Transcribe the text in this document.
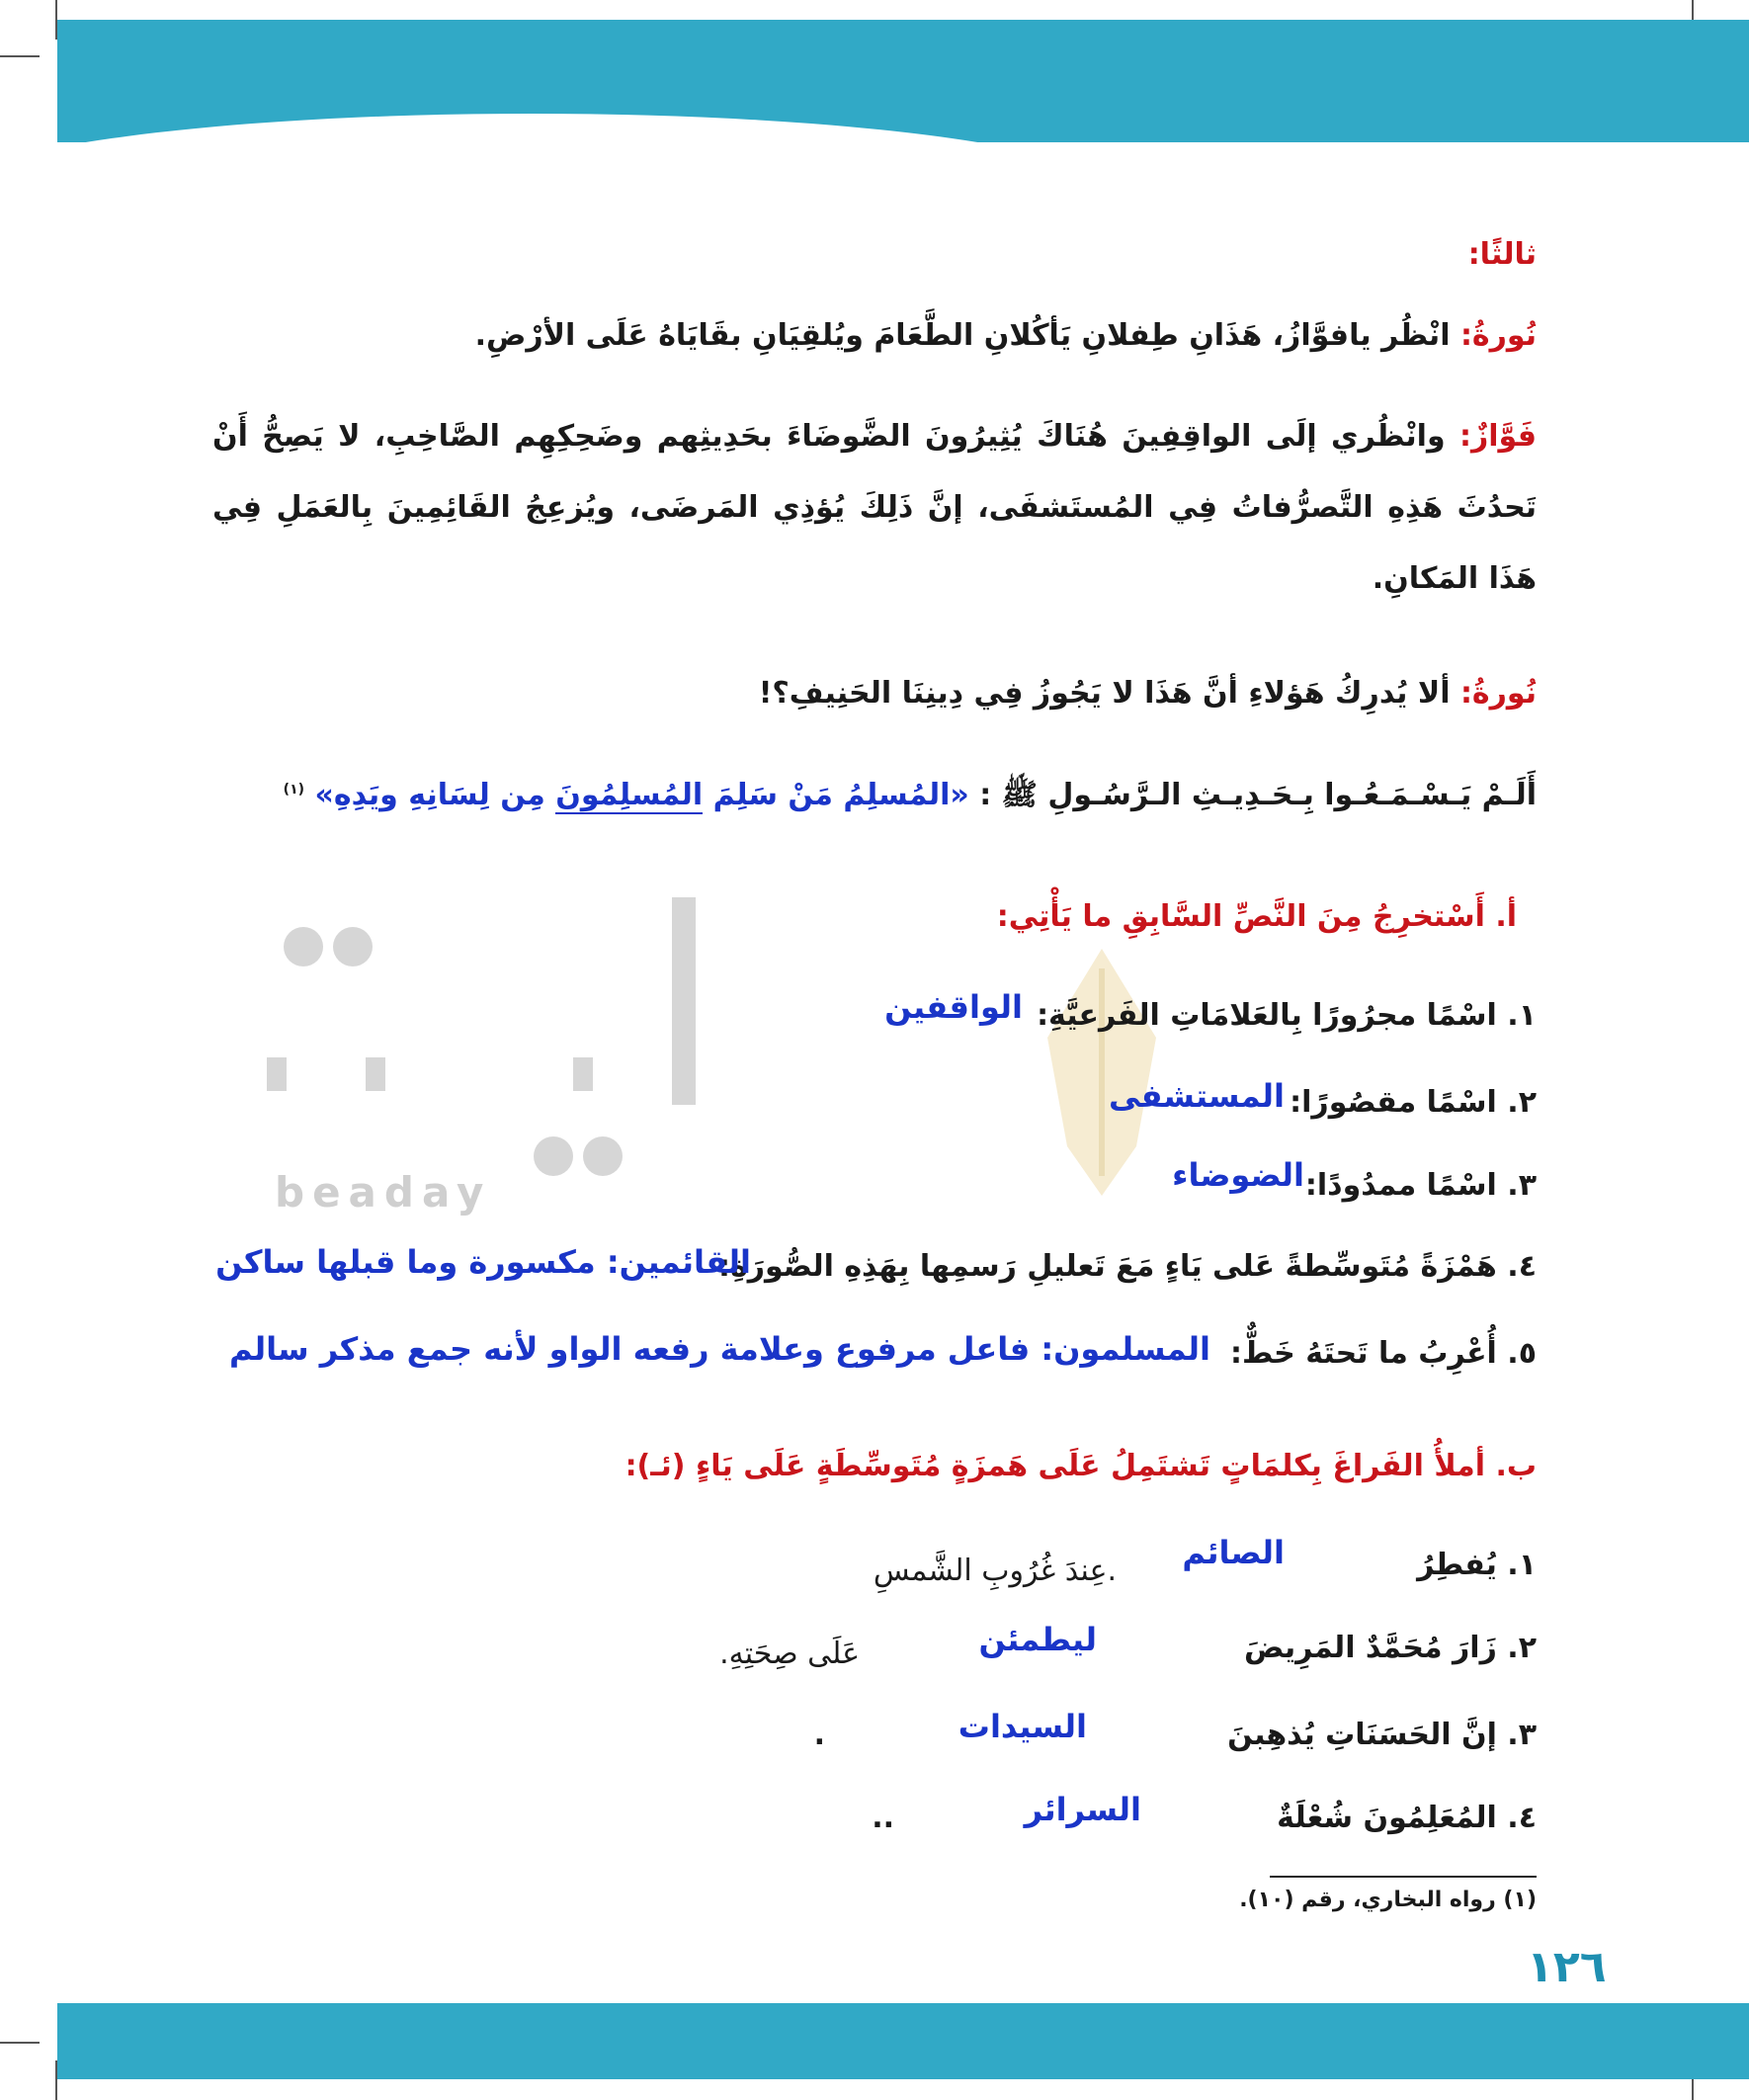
beaday
ثالثًا:
نُورةُ: انْظُر يافوَّازُ، هَذَانِ طِفلانِ يَأكُلانِ الطَّعَامَ ويُلقِيَانِ بقَايَاهُ عَلَى الأرْضِ.
فَوَّازٌ: وانْظُري إلَى الواقِفِينَ هُنَاكَ يُثِيرُونَ الضَّوضَاءَ بحَدِيثِهم وضَحِكِهِم الصَّاخِبِ، لا يَصِحُّ أَنْ تَحدُثَ هَذِهِ التَّصرُّفاتُ فِي المُستَشفَى، إنَّ ذَلِكَ يُؤذِي المَرضَى، ويُزعِجُ القَائِمِينَ بِالعَمَلِ فِي هَذَا المَكانِ.
نُورةُ: ألا يُدرِكُ هَؤلاءِ أنَّ هَذَا لا يَجُوزُ فِي دِينِنَا الحَنِيفِ؟!
أَلَـمْ يَـسْـمَـعُـوا بِـحَـدِيـثِ الـرَّسُـولِ ﷺ : «المُسلِمُ مَنْ سَلِمَ المُسلِمُونَ مِن لِسَانِهِ ويَدِهِ» $^{(١)}$
أ. أَسْتخرِجُ مِنَ النَّصِّ السَّابِقِ ما يَأْتِي:
١. اسْمًا مجرُورًا بِالعَلامَاتِ الفَرعيَّةِ:
الواقفين
٢. اسْمًا مقصُورًا:
المستشفى
٣. اسْمًا ممدُودًا:
الضوضاء
٤. هَمْزَةً مُتَوسِّطةً عَلى يَاءٍ مَعَ تَعليلِ رَسمِها بِهَذِهِ الصُّورَةِ:
القائمين: مكسورة وما قبلها ساكن
٥. أُعْرِبُ ما تَحتَهُ خَطٌّ:
المسلمون: فاعل مرفوع وعلامة رفعه الواو لأنه جمع مذكر سالم
ب. أملأُ الفَراغَ بِكلمَاتٍ تَشتَمِلُ عَلَى هَمزَةٍ مُتَوسِّطَةٍ عَلَى يَاءٍ (ئـ):
١. يُفطِرُ
الصائم
.عِندَ غُرُوبِ الشَّمسِ
٢. زَارَ مُحَمَّدٌ المَرِيضَ
ليطمئن
عَلَى صِحَتِهِ.
٣. إنَّ الحَسَنَاتِ يُذهِبنَ
السيدات
.
٤. المُعَلِمُونَ شُعْلَةٌ
السرائر
..
(١) رواه البخاري، رقم (١٠).
١٢٦
